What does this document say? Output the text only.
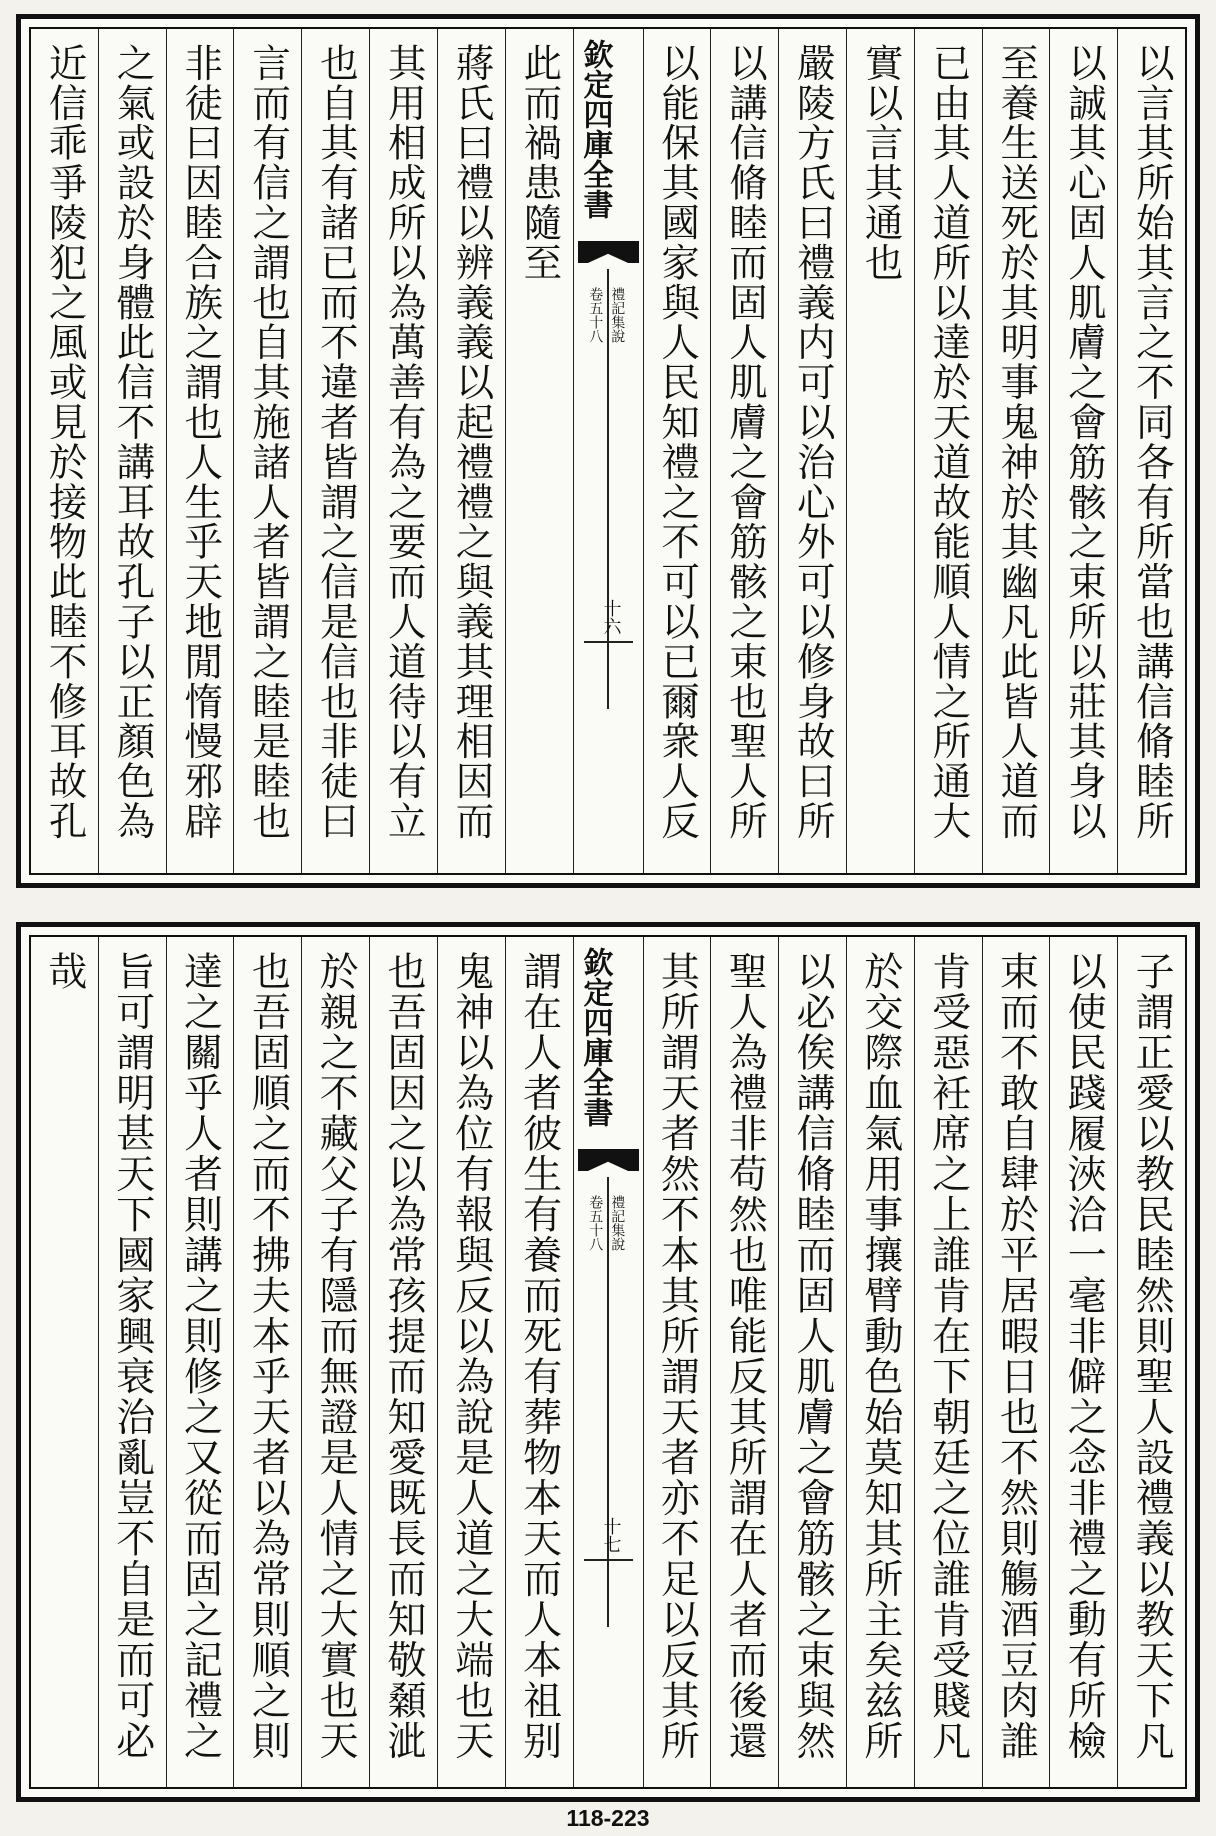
以言其所始其言之不同各有所當也講信脩睦所
以誠其心固人肌膚之會筋骸之束所以莊其身以
至養生送死於其明事鬼神於其幽凡此皆人道而
已由其人道所以達於天道故能順人情之所通大
實以言其通也
嚴陵方氏曰禮義内可以治心外可以修身故曰所
以講信脩睦而固人肌膚之會筋骸之束也聖人所
以能保其國家與人民知禮之不可以已爾衆人反
欽定四庫全書
禮記集說
卷五十八
十六
此而禍患隨至
蔣氏曰禮以辨義義以起禮禮之與義其理相因而
其用相成所以為萬善有為之要而人道待以有立
也自其有諸已而不違者皆謂之信是信也非徒曰
言而有信之謂也自其施諸人者皆謂之睦是睦也
非徒曰因睦合族之謂也人生乎天地閒惰慢邪辟
之氣或設於身體此信不講耳故孔子以正顏色為
近信乖爭陵犯之風或見於接物此睦不修耳故孔
子謂正愛以教民睦然則聖人設禮義以教天下凡
以使民踐履浹洽一毫非僻之念非禮之動有所檢
束而不敢自肆於平居暇日也不然則觴酒豆肉誰
肯受惡衽席之上誰肯在下朝廷之位誰肯受賤凡
於交際血氣用事攘臂動色始莫知其所主矣兹所
以必俟講信脩睦而固人肌膚之會筋骸之束與然
聖人為禮非苟然也唯能反其所謂在人者而後還
其所謂天者然不本其所謂天者亦不足以反其所
欽定四庫全書
禮記集說
卷五十八
十七
謂在人者彼生有養而死有葬物本天而人本祖别
鬼神以為位有報與反以為說是人道之大端也天
也吾固因之以為常孩提而知愛既長而知敬顙泚
於親之不藏父子有隱而無證是人情之大實也天
也吾固順之而不拂夫本乎天者以為常則順之則
達之關乎人者則講之則修之又從而固之記禮之
旨可謂明甚天下國家興衰治亂豈不自是而可必
哉
118-223
